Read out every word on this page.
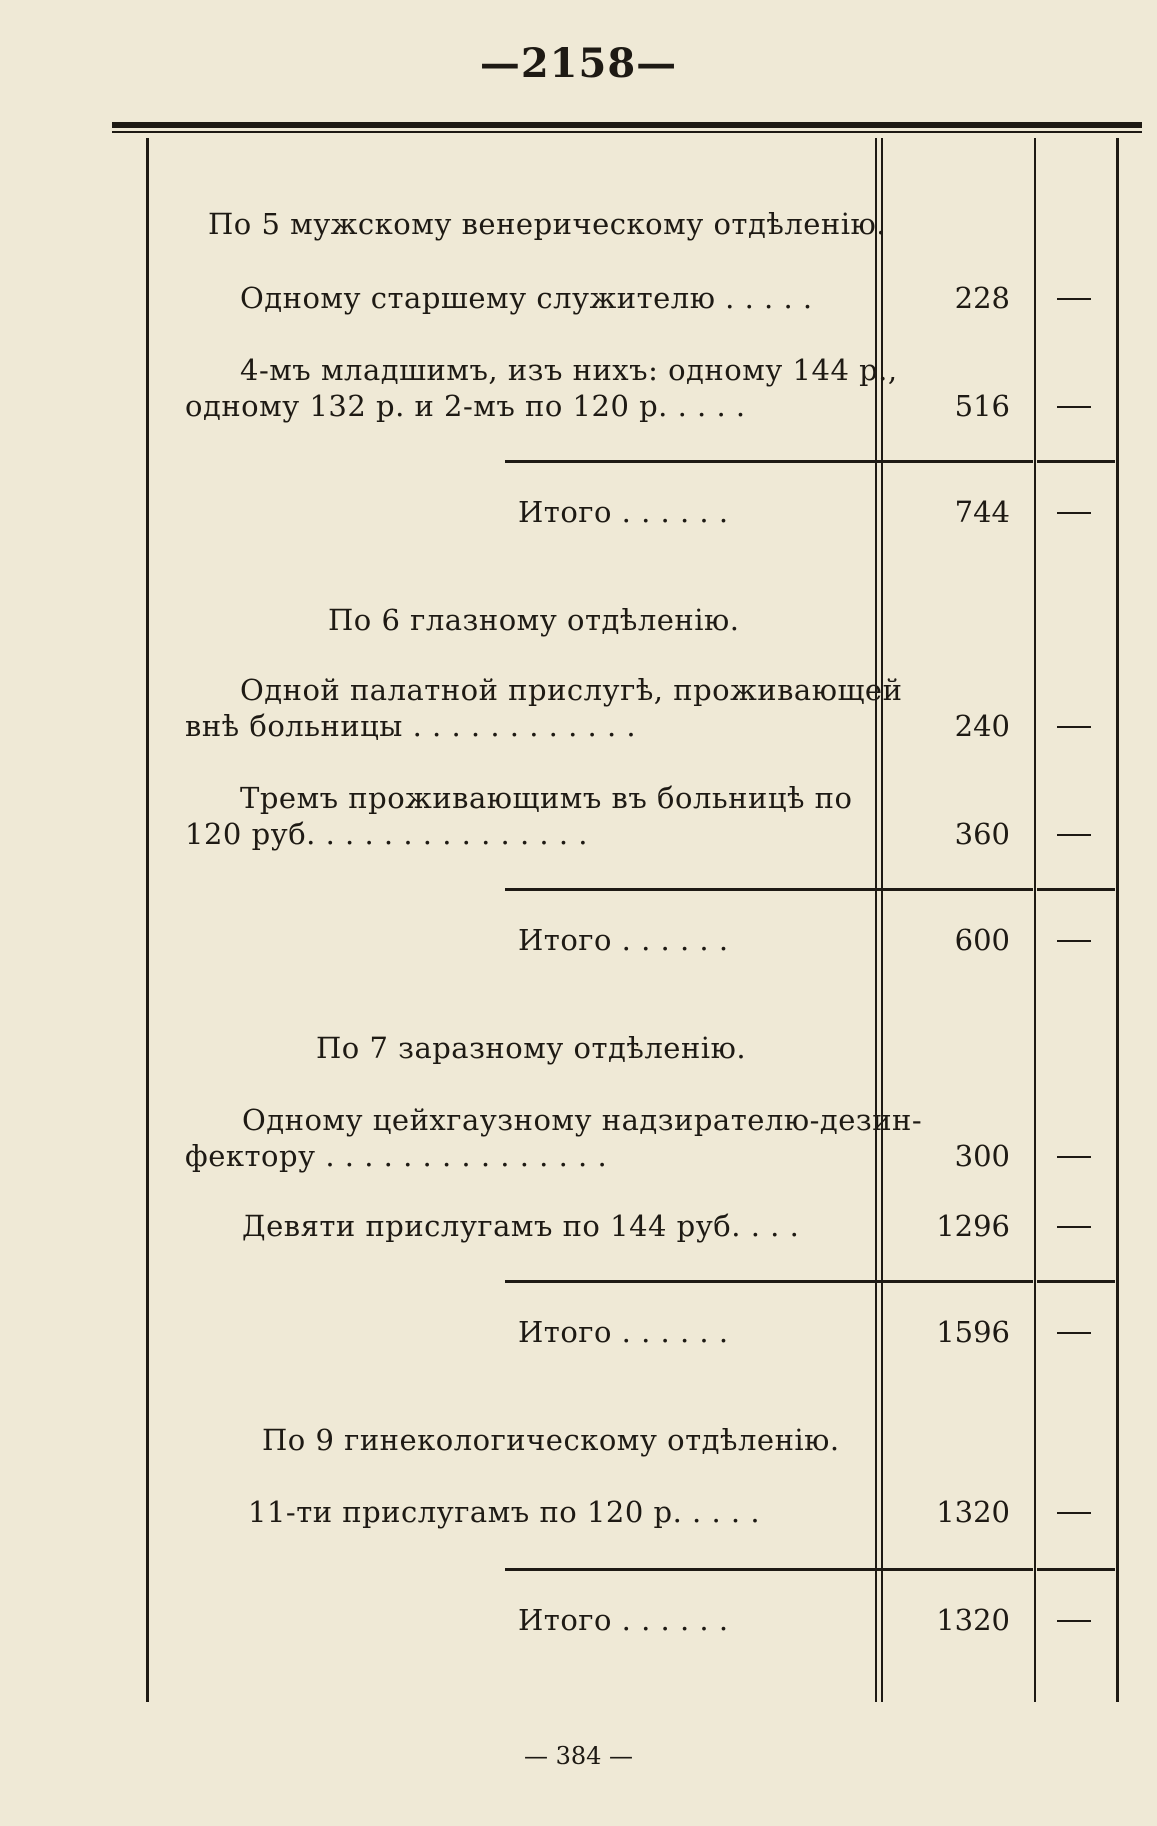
—2158—
По 5 мужскому венерическому отдѣленію.
Одному старшему служителю . . . . .	228
4-мъ младшимъ, изъ нихъ: одному 144 р.,
одному 132 р. и 2-мъ по 120 р. . . . .	516
Итого . . . . . .	744
По 6 глазному отдѣленію.
Одной палатной прислугѣ, проживающей
внѣ больницы . . . . . . . . . . . .	240
Тремъ проживающимъ въ больницѣ по
120 руб. . . . . . . . . . . . . . .	360
Итого . . . . . .	600
По 7 заразному отдѣленію.
Одному цейхгаузному надзирателю-дезин-
фектору . . . . . . . . . . . . . . .	300
Девяти прислугамъ по 144 руб. . . .	1296
Итого . . . . . .	1596
По 9 гинекологическому отдѣленію.
11-ти прислугамъ по 120 р. . . . .	1320
Итого . . . . . .	1320
— 384 —
